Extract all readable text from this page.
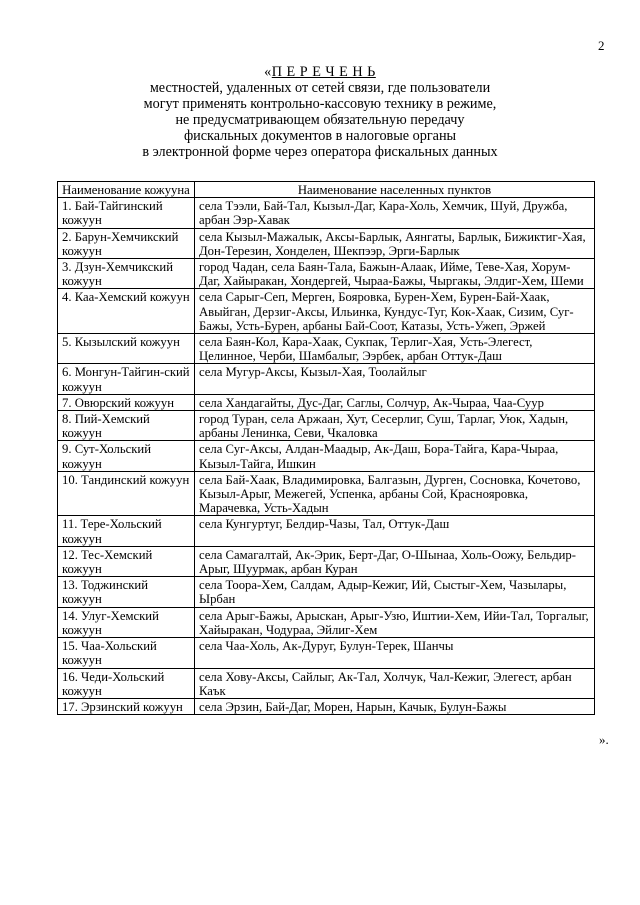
2
«П Е Р Е Ч Е Н Ь
местностей, удаленных от сетей связи, где пользователи
могут применять контрольно-кассовую технику в режиме,
не предусматривающем обязательную передачу
фискальных документов в налоговые органы
в электронной форме через оператора фискальных данных
Наименование кожууна	Наименование населенных пунктов
1. Бай-Тайгинский кожуун	села Тээли, Бай-Тал, Кызыл-Даг, Кара-Холь, Хемчик, Шуй, Дружба, арбан Ээр-Хавак
2. Барун-Хемчикский кожуун	села Кызыл-Мажалык, Аксы-Барлык, Аянгаты, Барлык, Бижиктиг-Хая, Дон-Терезин, Хонделен, Шекпээр, Эрги-Барлык
3. Дзун-Хемчикский кожуун	город Чадан, села Баян-Тала, Бажын-Алаак, Ийме, Теве-Хая, Хорум-Даг, Хайыракан, Хондергей, Чыраа-Бажы, Чыргакы, Элдиг-Хем, Шеми
4. Каа-Хемский кожуун	села Сарыг-Сеп, Мерген, Бояровка, Бурен-Хем, Бурен-Бай-Хаак, Авыйган, Дерзиг-Аксы, Ильинка, Кундус-Туг, Кок-Хаак, Сизим, Суг-Бажы, Усть-Бурен, арбаны Бай-Соот, Катазы, Усть-Ужеп, Эржей
5. Кызылский кожуун	села Баян-Кол, Кара-Хаак, Сукпак, Терлиг-Хая, Усть-Элегест, Целинное, Черби, Шамбалыг, Ээрбек, арбан Оттук-Даш
6. Монгун-Тайгин-ский кожуун	села Мугур-Аксы, Кызыл-Хая, Тоолайлыг
7. Овюрский кожуун	села Хандагайты, Дус-Даг, Саглы, Солчур, Ак-Чыраа, Чаа-Суур
8. Пий-Хемский кожуун	город Туран, села Аржаан, Хут, Сесерлиг, Суш, Тарлаг, Уюк, Хадын, арбаны Ленинка, Севи, Чкаловка
9. Сут-Хольский кожуун	села Суг-Аксы, Алдан-Маадыр, Ак-Даш, Бора-Тайга, Кара-Чыраа, Кызыл-Тайга, Ишкин
10. Тандинский кожуун	села Бай-Хаак, Владимировка, Балгазын, Дурген, Сосновка, Кочетово, Кызыл-Арыг, Межегей, Успенка, арбаны Сой, Краснояровка, Марачевка, Усть-Хадын
11. Тере-Хольский кожуун	села Кунгуртуг, Белдир-Чазы, Тал, Оттук-Даш
12. Тес-Хемский кожуун	села Самагалтай, Ак-Эрик, Берт-Даг, О-Шынаа, Холь-Оожу, Бельдир-Арыг, Шуурмак, арбан Куран
13. Тоджинский кожуун	села Тоора-Хем, Салдам, Адыр-Кежиг, Ий, Сыстыг-Хем, Чазылары, Ырбан
14. Улуг-Хемский кожуун	села Арыг-Бажы, Арыскан, Арыг-Узю, Иштии-Хем, Ийи-Тал, Торгалыг, Хайыракан, Чодураа, Эйлиг-Хем
15. Чаа-Хольский кожуун	села Чаа-Холь, Ак-Дуруг, Булун-Терек, Шанчы
16. Чеди-Хольский кожуун	села Хову-Аксы, Сайлыг, Ак-Тал, Холчук, Чал-Кежиг, Элегест, арбан Каък
17. Эрзинский кожуун	села Эрзин, Бай-Даг, Морен, Нарын, Качык, Булун-Бажы
».
